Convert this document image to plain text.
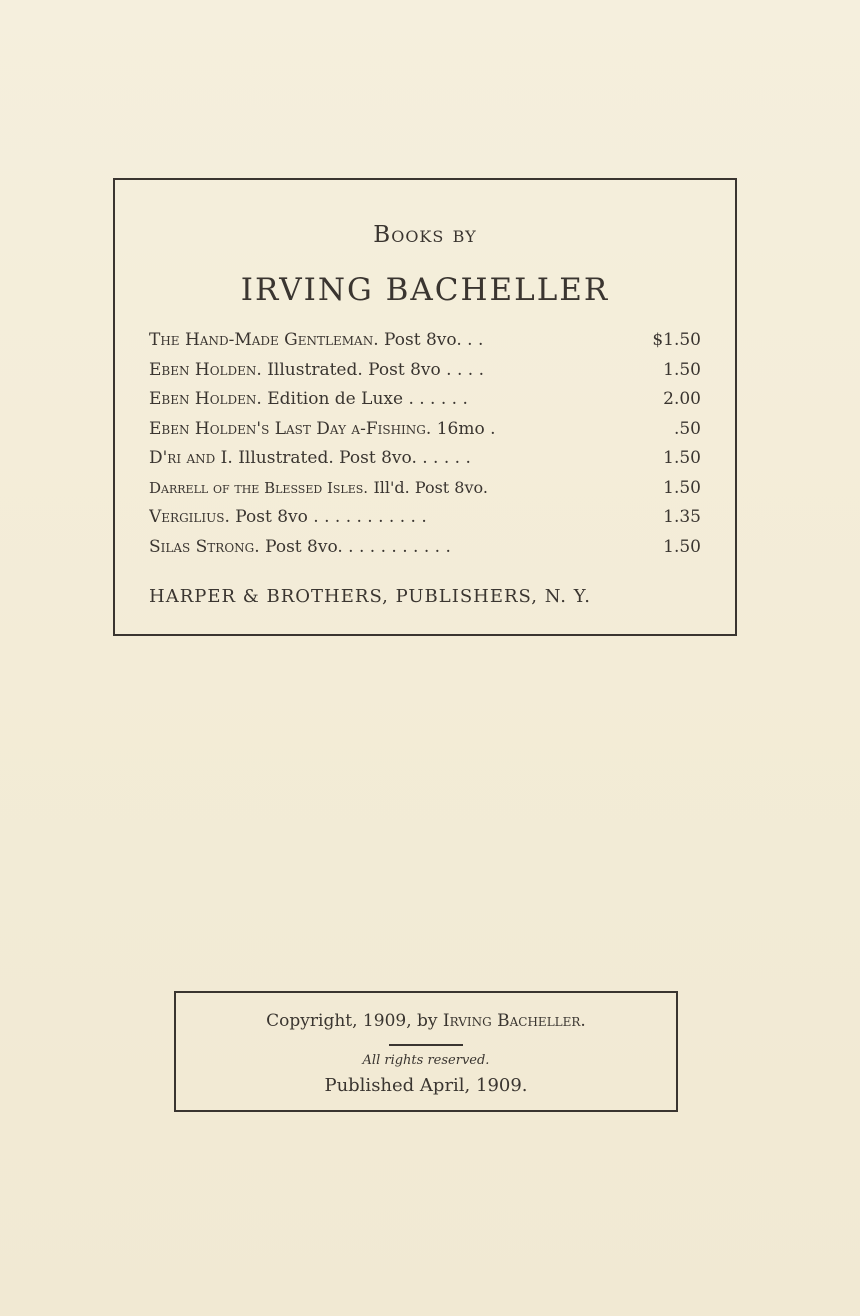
Books by
IRVING BACHELLER
The Hand-Made Gentleman. Post 8vo. . .	$1.50
Eben Holden. Illustrated. Post 8vo . . . .	1.50
Eben Holden. Edition de Luxe . . . . . .	2.00
Eben Holden's Last Day a-Fishing. 16mo .	.50
D'ri and I. Illustrated. Post 8vo. . . . . .	1.50
Darrell of the Blessed Isles. Ill'd. Post 8vo.	1.50
Vergilius. Post 8vo . . . . . . . . . . .	1.35
Silas Strong. Post 8vo. . . . . . . . . . .	1.50
HARPER & BROTHERS, PUBLISHERS, N. Y.
Copyright, 1909, by Irving Bacheller.
All rights reserved.
Published April, 1909.
